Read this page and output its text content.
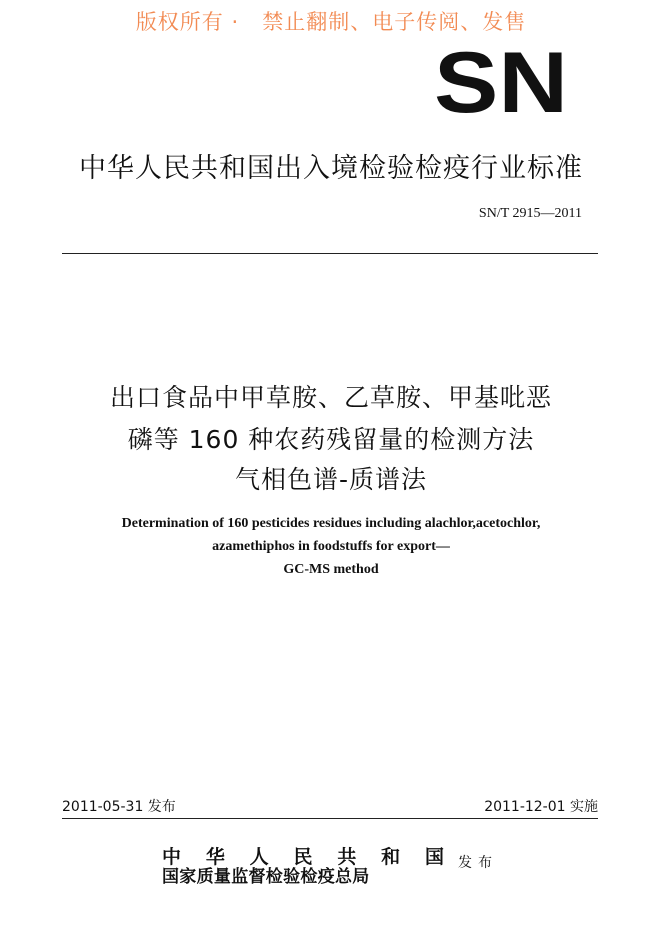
版权所有 ·   禁止翻制、电子传阅、发售
SN
中华人民共和国出入境检验检疫行业标准
SN/T 2915—2011
出口食品中甲草胺、乙草胺、甲基吡恶
磷等 160 种农药残留量的检测方法
气相色谱-质谱法
Determination of 160 pesticides residues including alachlor,acetochlor,
azamethiphos in foodstuffs for export—
GC-MS method
2011-05-31 发布	2011-12-01 实施
中 华 人 民 共 和 国
国家质量监督检验检疫总局
发布
